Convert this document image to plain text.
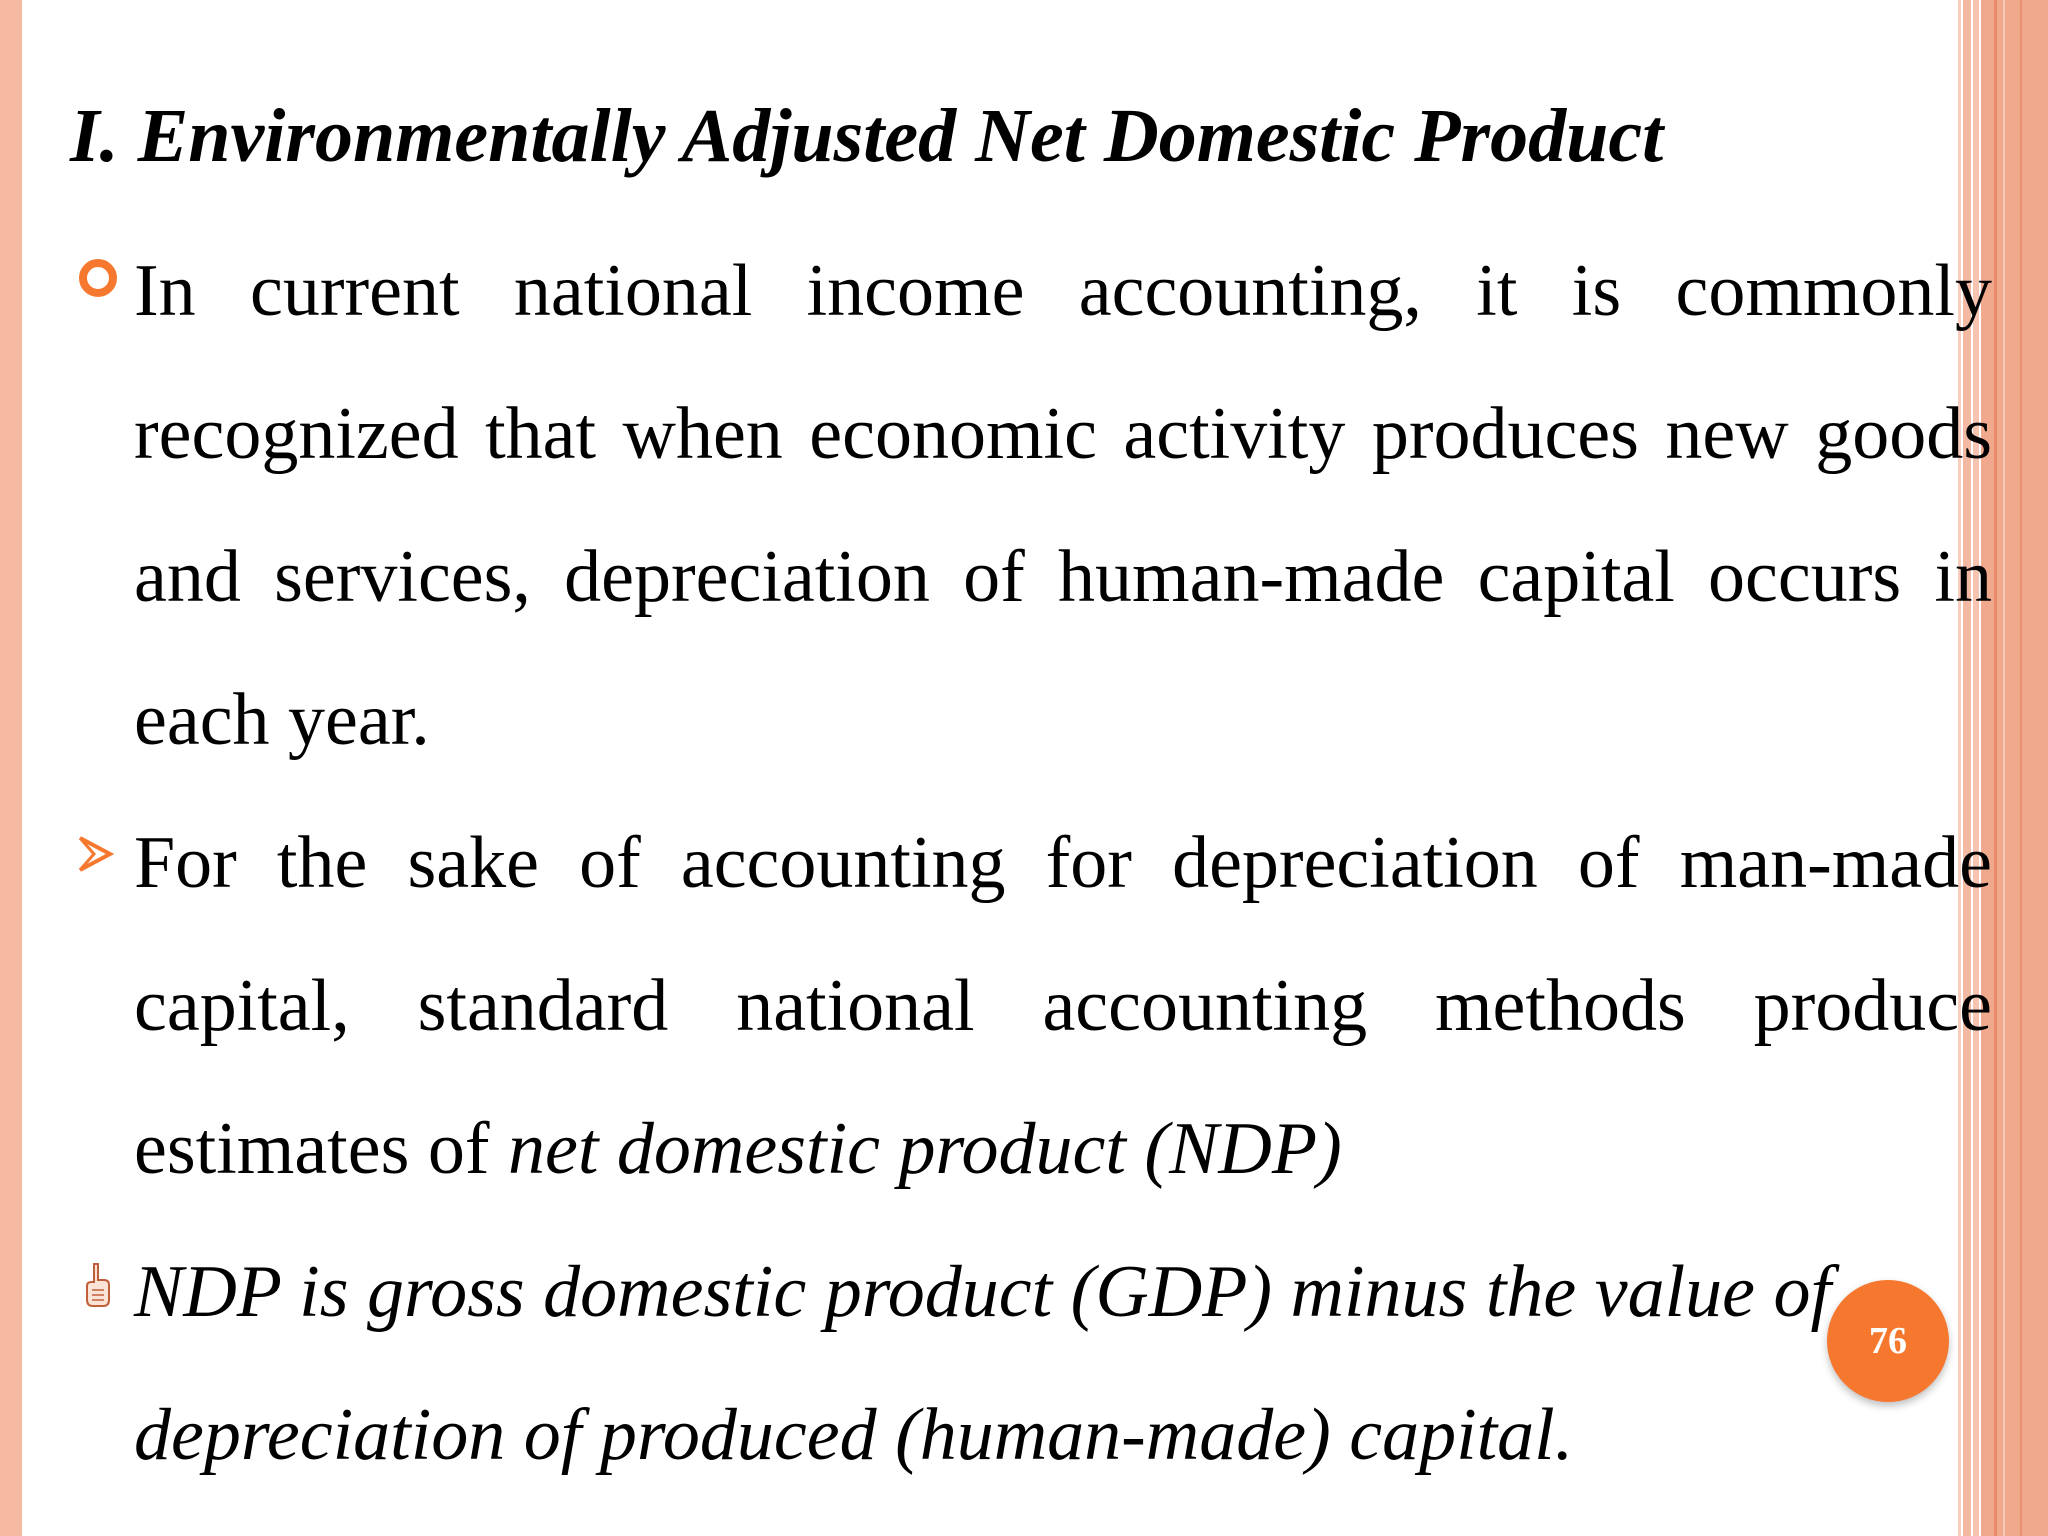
I. Environmentally Adjusted Net Domestic Product

In current national income accounting, it is commonly recognized that when economic activity produces new goods and services, depreciation of human-made capital occurs in each year.

For the sake of accounting for depreciation of man-made capital, standard national accounting methods produce estimates of net domestic product (NDP)

NDP is gross domestic product (GDP) minus the value of depreciation of produced (human-made) capital.

76
